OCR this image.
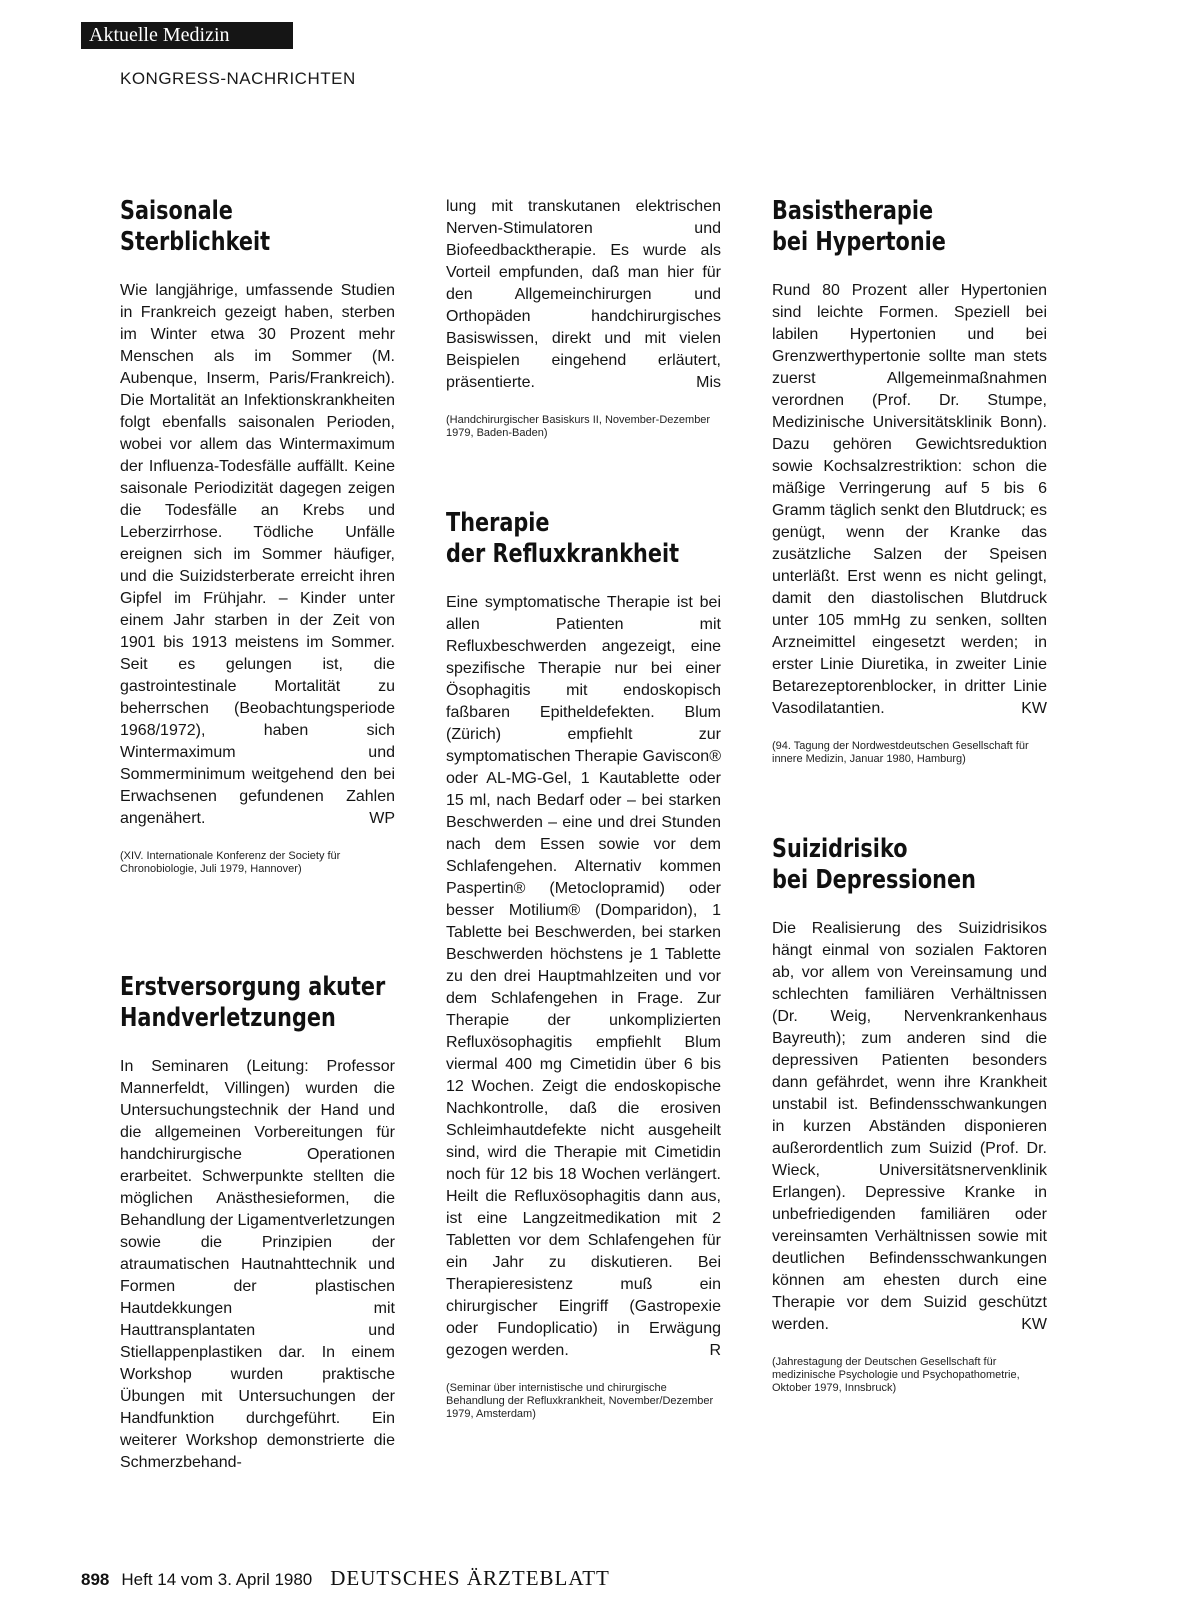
Aktuelle Medizin
KONGRESS-NACHRICHTEN
Saisonale
Sterblichkeit

Wie langjährige, umfassende Studien in Frankreich gezeigt haben, sterben im Winter etwa 30 Prozent mehr Menschen als im Sommer (M. Aubenque, Inserm, Paris/Frankreich). Die Mortalität an Infektionskrankheiten folgt ebenfalls saisonalen Perioden, wobei vor allem das Wintermaximum der Influenza-Todesfälle auffällt. Keine saisonale Periodizität dagegen zeigen die Todesfälle an Krebs und Leberzirrhose. Tödliche Unfälle ereignen sich im Sommer häufiger, und die Suizidsterberate erreicht ihren Gipfel im Frühjahr. – Kinder unter einem Jahr starben in der Zeit von 1901 bis 1913 meistens im Sommer. Seit es gelungen ist, die gastrointestinale Mortalität zu beherrschen (Beobachtungsperiode 1968/1972), haben sich Wintermaximum und Sommerminimum weitgehend den bei Erwachsenen gefundenen Zahlen angenähert.	WP

(XIV. Internationale Konferenz der Society für Chronobiologie, Juli 1979, Hannover)

Erstversorgung akuter
Handverletzungen

In Seminaren (Leitung: Professor Mannerfeldt, Villingen) wurden die Untersuchungstechnik der Hand und die allgemeinen Vorbereitungen für handchirurgische Operationen erarbeitet. Schwerpunkte stellten die möglichen Anästhesieformen, die Behandlung der Ligamentverletzungen sowie die Prinzipien der atraumatischen Hautnahttechnik und Formen der plastischen Hautdekkungen mit Hauttransplantaten und Stiellappenplastiken dar. In einem Workshop wurden praktische Übungen mit Untersuchungen der Handfunktion durchgeführt. Ein weiterer Workshop demonstrierte die Schmerzbehand-

lung mit transkutanen elektrischen Nerven-Stimulatoren und Biofeedbacktherapie. Es wurde als Vorteil empfunden, daß man hier für den Allgemeinchirurgen und Orthopäden handchirurgisches Basiswissen, direkt und mit vielen Beispielen eingehend erläutert, präsentierte.	Mis

(Handchirurgischer Basiskurs II, November-Dezember 1979, Baden-Baden)

Therapie
der Refluxkrankheit

Eine symptomatische Therapie ist bei allen Patienten mit Refluxbeschwerden angezeigt, eine spezifische Therapie nur bei einer Ösophagitis mit endoskopisch faßbaren Epitheldefekten. Blum (Zürich) empfiehlt zur symptomatischen Therapie Gaviscon® oder AL-MG-Gel, 1 Kautablette oder 15 ml, nach Bedarf oder – bei starken Beschwerden – eine und drei Stunden nach dem Essen sowie vor dem Schlafengehen. Alternativ kommen Paspertin® (Metoclopramid) oder besser Motilium® (Domparidon), 1 Tablette bei Beschwerden, bei starken Beschwerden höchstens je 1 Tablette zu den drei Hauptmahlzeiten und vor dem Schlafengehen in Frage. Zur Therapie der unkomplizierten Refluxösophagitis empfiehlt Blum viermal 400 mg Cimetidin über 6 bis 12 Wochen. Zeigt die endoskopische Nachkontrolle, daß die erosiven Schleimhautdefekte nicht ausgeheilt sind, wird die Therapie mit Cimetidin noch für 12 bis 18 Wochen verlängert. Heilt die Refluxösophagitis dann aus, ist eine Langzeitmedikation mit 2 Tabletten vor dem Schlafengehen für ein Jahr zu diskutieren. Bei Therapieresistenz muß ein chirurgischer Eingriff (Gastropexie oder Fundoplicatio) in Erwägung gezogen werden.	R

(Seminar über internistische und chirurgische Behandlung der Refluxkrankheit, November/Dezember 1979, Amsterdam)

Basistherapie
bei Hypertonie

Rund 80 Prozent aller Hypertonien sind leichte Formen. Speziell bei labilen Hypertonien und bei Grenzwerthypertonie sollte man stets zuerst Allgemeinmaßnahmen verordnen (Prof. Dr. Stumpe, Medizinische Universitätsklinik Bonn). Dazu gehören Gewichtsreduktion sowie Kochsalzrestriktion: schon die mäßige Verringerung auf 5 bis 6 Gramm täglich senkt den Blutdruck; es genügt, wenn der Kranke das zusätzliche Salzen der Speisen unterläßt. Erst wenn es nicht gelingt, damit den diastolischen Blutdruck unter 105 mmHg zu senken, sollten Arzneimittel eingesetzt werden; in erster Linie Diuretika, in zweiter Linie Betarezeptorenblocker, in dritter Linie Vasodilatantien.	KW

(94. Tagung der Nordwestdeutschen Gesellschaft für innere Medizin, Januar 1980, Hamburg)

Suizidrisiko
bei Depressionen

Die Realisierung des Suizidrisikos hängt einmal von sozialen Faktoren ab, vor allem von Vereinsamung und schlechten familiären Verhältnissen (Dr. Weig, Nervenkrankenhaus Bayreuth); zum anderen sind die depressiven Patienten besonders dann gefährdet, wenn ihre Krankheit unstabil ist. Befindensschwankungen in kurzen Abständen disponieren außerordentlich zum Suizid (Prof. Dr. Wieck, Universitätsnervenklinik Erlangen). Depressive Kranke in unbefriedigenden familiären oder vereinsamten Verhältnissen sowie mit deutlichen Befindensschwankungen können am ehesten durch eine Therapie vor dem Suizid geschützt werden.	KW

(Jahrestagung der Deutschen Gesellschaft für medizinische Psychologie und Psychopathometrie, Oktober 1979, Innsbruck)

898 Heft 14 vom 3. April 1980 DEUTSCHES ÄRZTEBLATT
